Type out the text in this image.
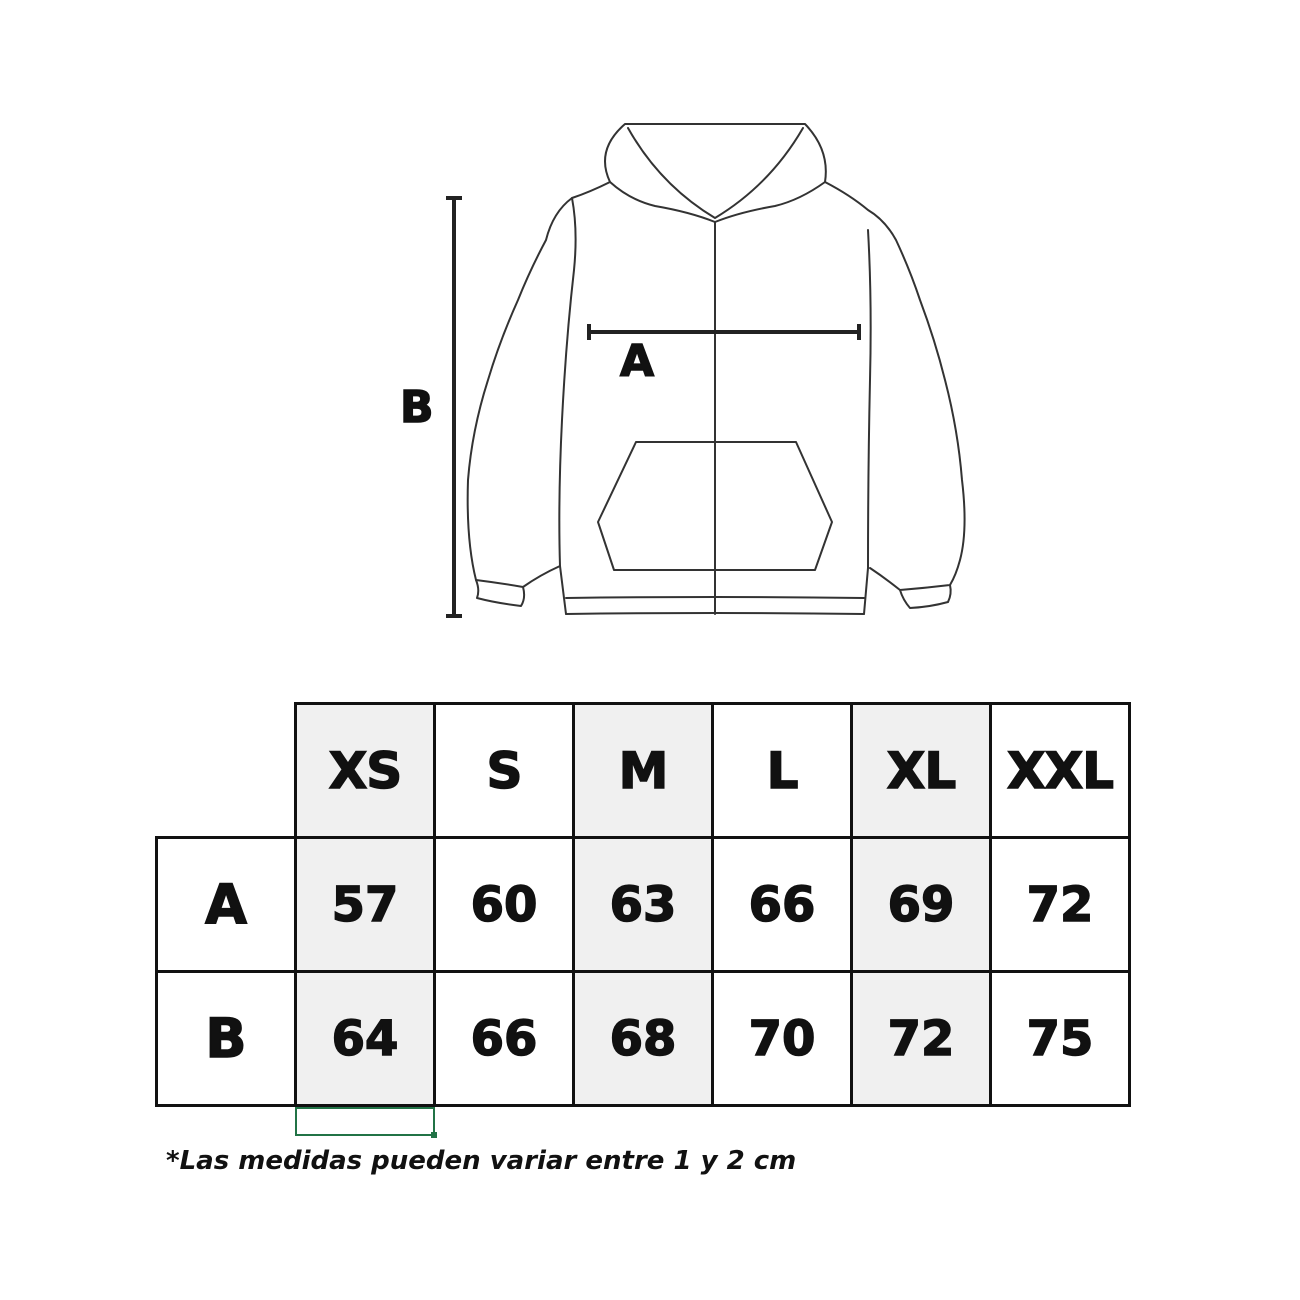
A
B
	XS	S	M	L	XL	XXL
A	57	60	63	66	69	72
B	64	66	68	70	72	75
*Las medidas pueden variar entre 1 y 2 cm
